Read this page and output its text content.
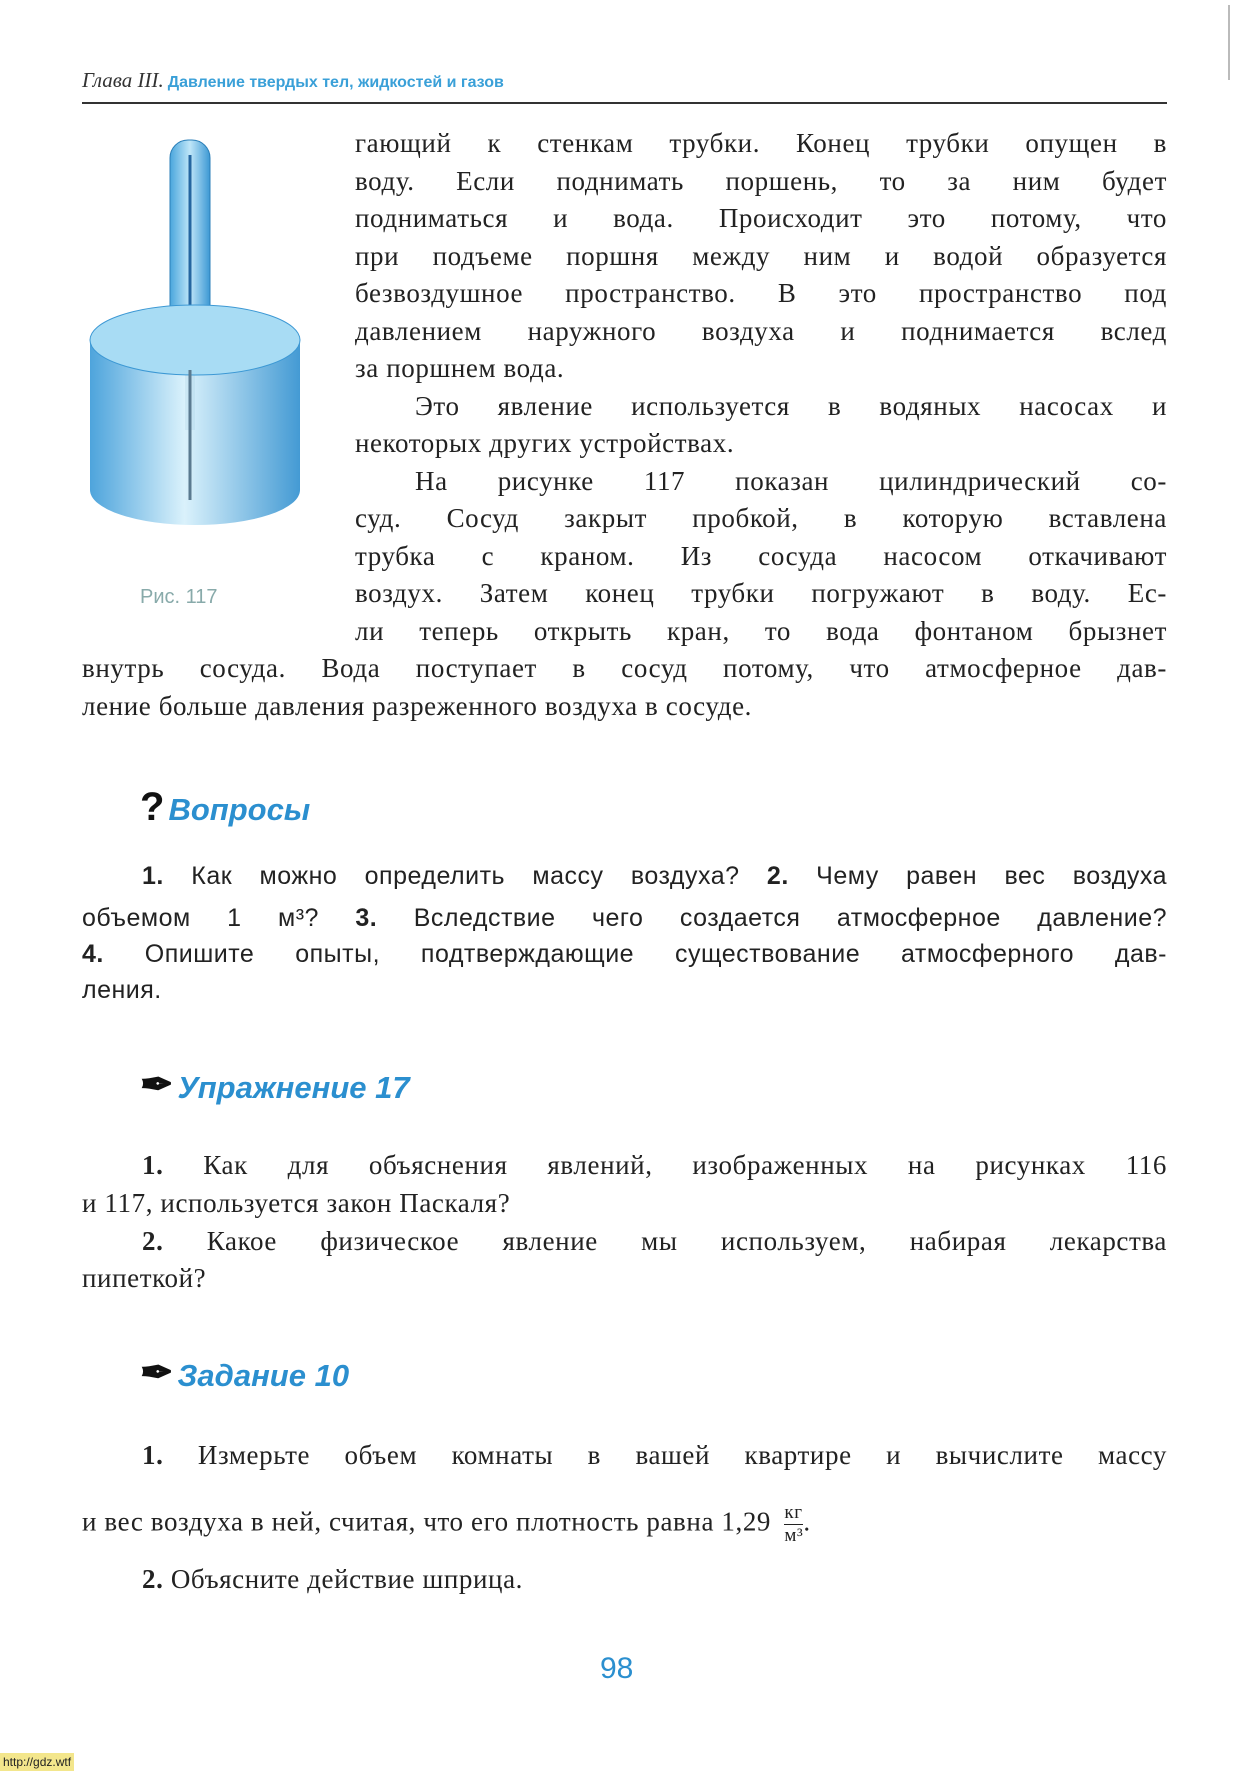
Глава III. Давление твердых тел, жидкостей и газов
Рис. 117
гающий к стенкам трубки. Конец трубки опущен в
воду. Если поднимать поршень, то за ним будет
подниматься и вода. Происходит это потому, что
при подъеме поршня между ним и водой образуется
безвоздушное пространство. В это пространство под
давлением наружного воздуха и поднимается вслед
за поршнем вода.
Это явление используется в водяных насосах и
некоторых других устройствах.
На рисунке 117 показан цилиндрический со-
суд. Сосуд закрыт пробкой, в которую вставлена
трубка с краном. Из сосуда насосом откачивают
воздух. Затем конец трубки погружают в воду. Ес-
ли теперь открыть кран, то вода фонтаном брызнет
внутрь сосуда. Вода поступает в сосуд потому, что атмосферное дав-
ление больше давления разреженного воздуха в сосуде.
? Вопросы
1. Как можно определить массу воздуха? 2. Чему равен вес воздуха
объемом 1 м³? 3. Вследствие чего создается атмосферное давление?
4. Опишите опыты, подтверждающие существование атмосферного дав-
ления.
✒ Упражнение 17
1. Как для объяснения явлений, изображенных на рисунках 116
и 117, используется закон Паскаля?
2. Какое физическое явление мы используем, набирая лекарства
пипеткой?
✒ Задание 10
1. Измерьте объем комнаты в вашей квартире и вычислите массу
и вес воздуха в ней, считая, что его плотность равна 1,29 кг
м³ .
2. Объясните действие шприца.
98
http://gdz.wtf
